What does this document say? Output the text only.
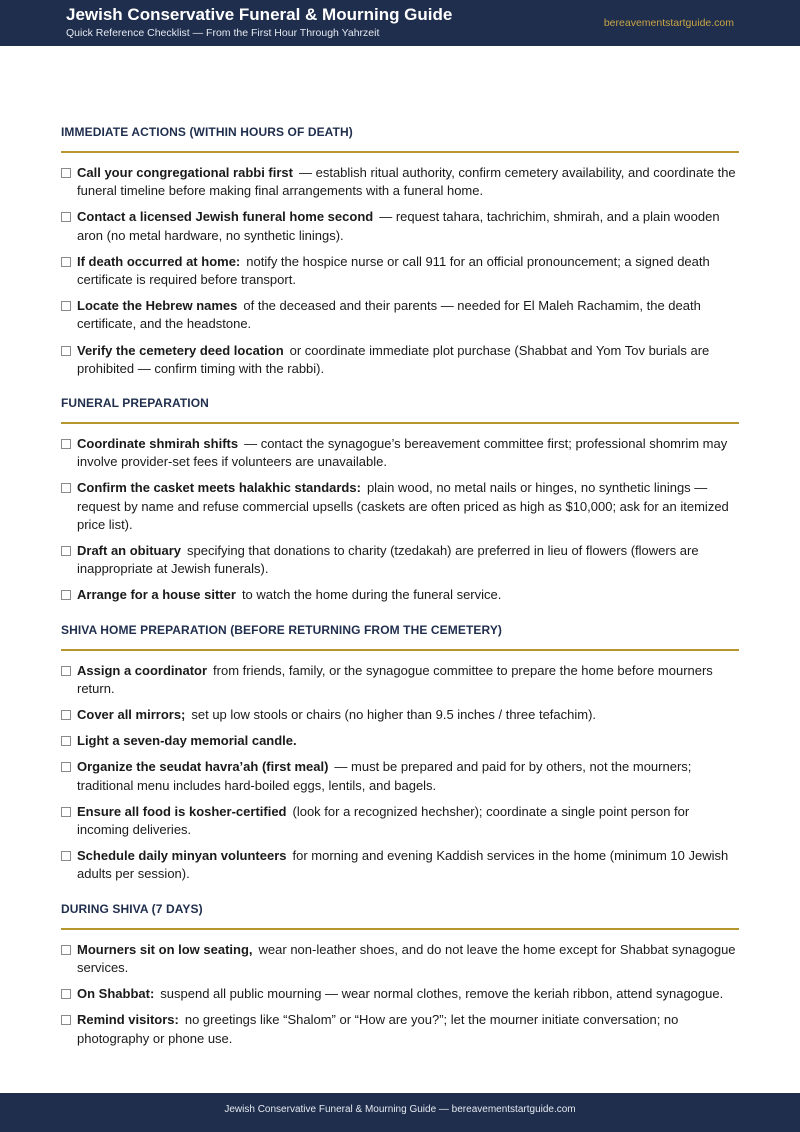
Jewish Conservative Funeral & Mourning Guide
Quick Reference Checklist — From the First Hour Through Yahrzeit
bereavementstartguide.com
IMMEDIATE ACTIONS (WITHIN HOURS OF DEATH)
Call your congregational rabbi first — establish ritual authority, confirm cemetery availability, and coordinate the funeral timeline before making final arrangements with a funeral home.
Contact a licensed Jewish funeral home second — request tahara, tachrichim, shmirah, and a plain wooden aron (no metal hardware, no synthetic linings).
If death occurred at home: notify the hospice nurse or call 911 for an official pronouncement; a signed death certificate is required before transport.
Locate the Hebrew names of the deceased and their parents — needed for El Maleh Rachamim, the death certificate, and the headstone.
Verify the cemetery deed location or coordinate immediate plot purchase (Shabbat and Yom Tov burials are prohibited — confirm timing with the rabbi).
FUNERAL PREPARATION
Coordinate shmirah shifts — contact the synagogue’s bereavement committee first; professional shomrim may involve provider-set fees if volunteers are unavailable.
Confirm the casket meets halakhic standards: plain wood, no metal nails or hinges, no synthetic linings — request by name and refuse commercial upsells (caskets are often priced as high as $10,000; ask for an itemized price list).
Draft an obituary specifying that donations to charity (tzedakah) are preferred in lieu of flowers (flowers are inappropriate at Jewish funerals).
Arrange for a house sitter to watch the home during the funeral service.
SHIVA HOME PREPARATION (BEFORE RETURNING FROM THE CEMETERY)
Assign a coordinator from friends, family, or the synagogue committee to prepare the home before mourners return.
Cover all mirrors; set up low stools or chairs (no higher than 9.5 inches / three tefachim).
Light a seven-day memorial candle.
Organize the seudat havra’ah (first meal) — must be prepared and paid for by others, not the mourners; traditional menu includes hard-boiled eggs, lentils, and bagels.
Ensure all food is kosher-certified (look for a recognized hechsher); coordinate a single point person for incoming deliveries.
Schedule daily minyan volunteers for morning and evening Kaddish services in the home (minimum 10 Jewish adults per session).
DURING SHIVA (7 DAYS)
Mourners sit on low seating, wear non-leather shoes, and do not leave the home except for Shabbat synagogue services.
On Shabbat: suspend all public mourning — wear normal clothes, remove the keriah ribbon, attend synagogue.
Remind visitors: no greetings like “Shalom” or “How are you?”; let the mourner initiate conversation; no photography or phone use.
Jewish Conservative Funeral & Mourning Guide — bereavementstartguide.com
